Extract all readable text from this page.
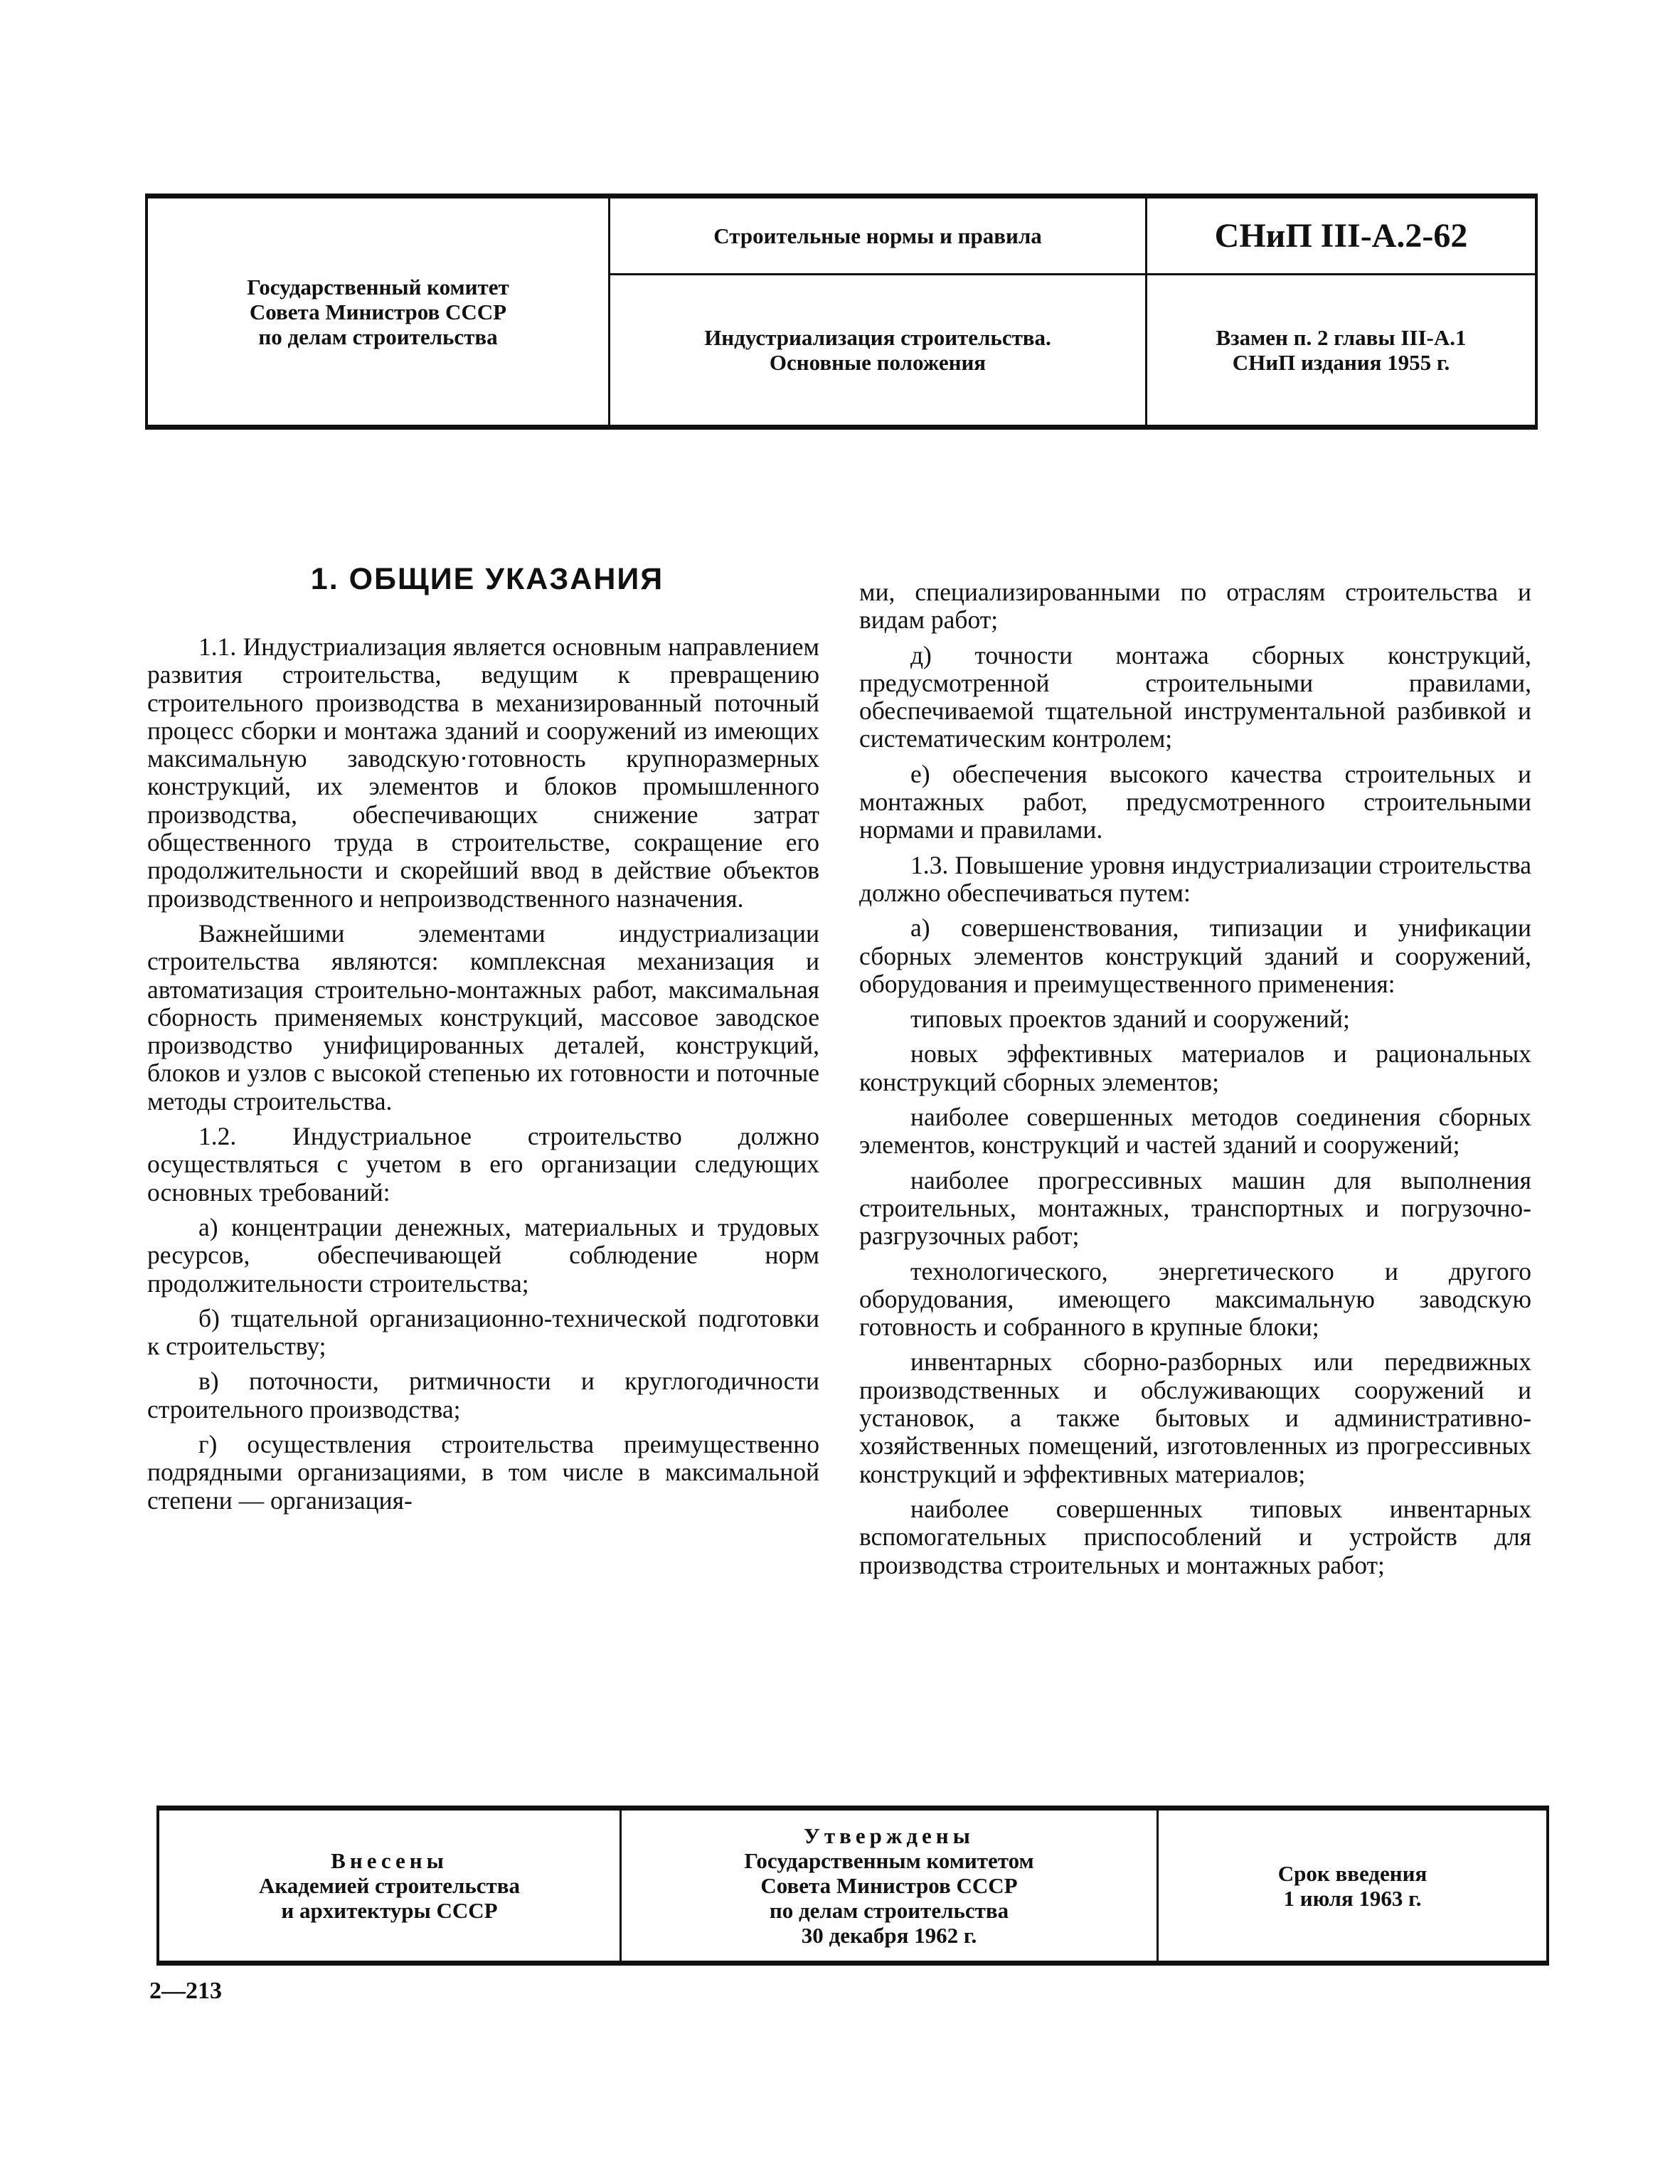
Государственный комитет
Совета Министров СССР
по делам строительства
Строительные нормы и правила
Индустриализация строительства.
Основные положения
СНиП III-А.2-62
Взамен п. 2 главы III-А.1
СНиП издания 1955 г.
1. ОБЩИЕ УКАЗАНИЯ

1.1. Индустриализация является основным направлением развития строительства, ведущим к превращению строительного производства в механизированный поточный процесс сборки и монтажа зданий и сооружений из имеющих максимальную заводскую·готовность крупноразмерных конструкций, их элементов и блоков промышленного производства, обеспечивающих снижение затрат общественного труда в строительстве, сокращение его продолжительности и скорейший ввод в действие объектов производственного и непроизводственного назначения.

Важнейшими элементами индустриализации строительства являются: комплексная механизация и автоматизация строительно-монтажных работ, максимальная сборность применяемых конструкций, массовое заводское производство унифицированных деталей, конструкций, блоков и узлов с высокой степенью их готовности и поточные методы строительства.

1.2. Индустриальное строительство должно осуществляться с учетом в его организации следующих основных требований:

а) концентрации денежных, материальных и трудовых ресурсов, обеспечивающей соблюдение норм продолжительности строительства;

б) тщательной организационно-технической подготовки к строительству;

в) поточности, ритмичности и круглогодичности строительного производства;

г) осуществления строительства преимущественно подрядными организациями, в том числе в максимальной степени — организация-

ми, специализированными по отраслям строительства и видам работ;

д) точности монтажа сборных конструкций, предусмотренной строительными правилами, обеспечиваемой тщательной инструментальной разбивкой и систематическим контролем;

е) обеспечения высокого качества строительных и монтажных работ, предусмотренного строительными нормами и правилами.

1.3. Повышение уровня индустриализации строительства должно обеспечиваться путем:

а) совершенствования, типизации и унификации сборных элементов конструкций зданий и сооружений, оборудования и преимущественного применения:

типовых проектов зданий и сооружений;

новых эффективных материалов и рациональных конструкций сборных элементов;

наиболее совершенных методов соединения сборных элементов, конструкций и частей зданий и сооружений;

наиболее прогрессивных машин для выполнения строительных, монтажных, транспортных и погрузочно-разгрузочных работ;

технологического, энергетического и другого оборудования, имеющего максимальную заводскую готовность и собранного в крупные блоки;

инвентарных сборно-разборных или передвижных производственных и обслуживающих сооружений и установок, а также бытовых и административно-хозяйственных помещений, изготовленных из прогрессивных конструкций и эффективных материалов;

наиболее совершенных типовых инвентарных вспомогательных приспособлений и устройств для производства строительных и монтажных работ;

Внесены
Академией строительства
и архитектуры СССР
Утверждены
Государственным комитетом
Совета Министров СССР
по делам строительства
30 декабря 1962 г.
Срок введения
1 июля 1963 г.
2—213
